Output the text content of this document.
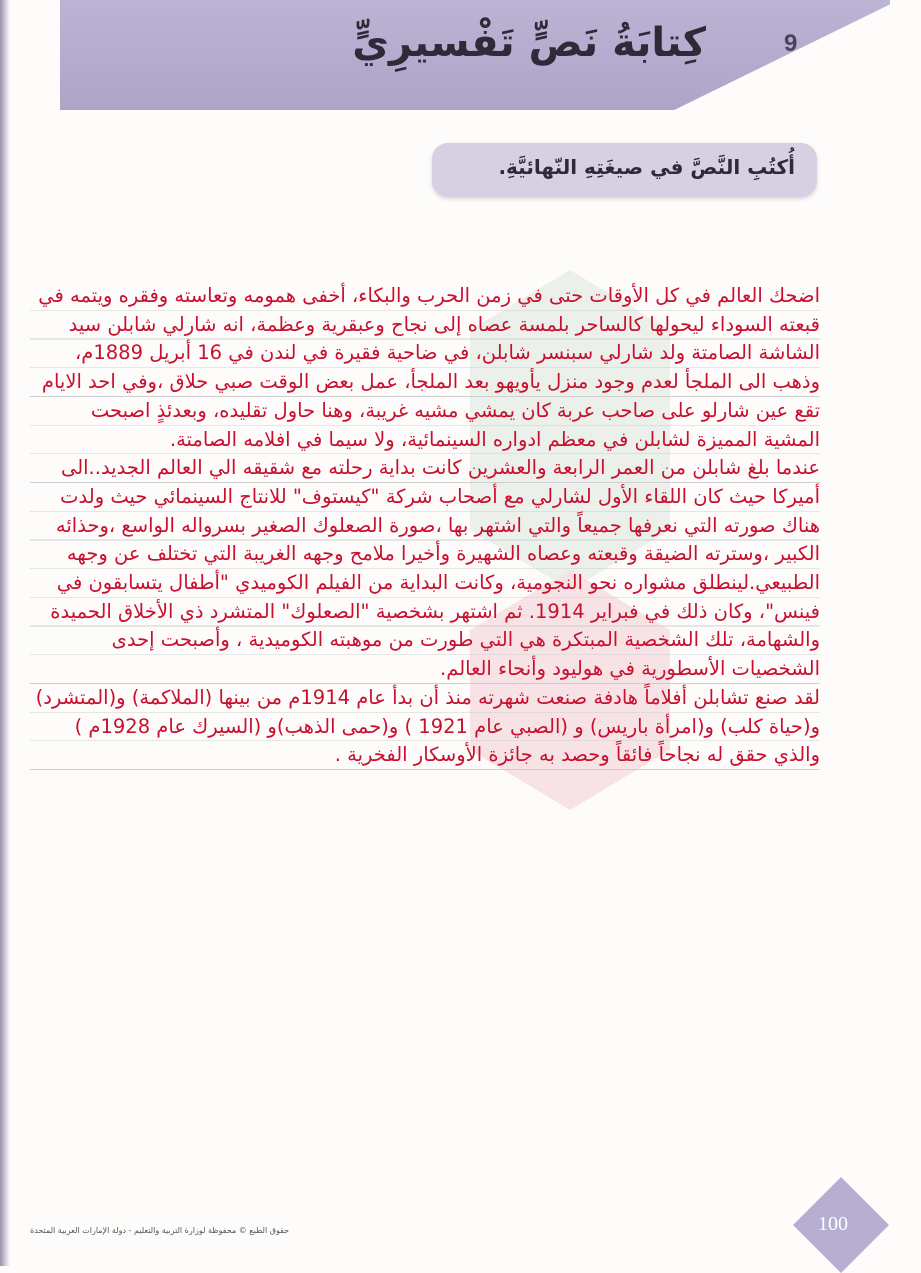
9
كِتابَةُ نَصٍّ تَفْسيرِيٍّ
أُكتُبِ النَّصَّ في صيغَتِهِ النّهائيَّةِ.

اضحك العالم في كل الأوقات حتى في زمن الحرب والبكاء، أخفى همومه وتعاسته وفقره ويتمه في قبعته السوداء ليحولها كالساحر بلمسة عصاه إلى نجاح وعبقرية وعظمة، انه شارلي شابلن سيد الشاشة الصامتة ولد شارلي سبنسر شابلن، في ضاحية فقيرة في لندن في 16 أبريل 1889م، وذهب الى الملجأ لعدم وجود منزل يأويهو بعد الملجأ، عمل بعض الوقت صبي حلاق ،وفي احد الايام تقع عين شارلو على صاحب عربة كان يمشي مشيه غريبة، وهنا حاول تقليده، وبعدئذٍ اصبحت المشية المميزة لشابلن في معظم ادواره السينمائية، ولا سيما في افلامه الصامتة.

عندما بلغ شابلن من العمر الرابعة والعشرين كانت بداية رحلته مع شقيقه الي العالم الجديد..الى أميركا حيث كان اللقاء الأول لشارلي مع أصحاب شركة "كيستوف" للانتاج السينمائي حيث ولدت هناك صورته التي نعرفها جميعاً والتي اشتهر بها ،صورة الصعلوك الصغير بسرواله الواسع ،وحذائه الكبير ،وسترته الضيقة وقبعته وعصاه الشهيرة وأخيرا ملامح وجهه الغريبة التي تختلف عن وجهه الطبيعي.لينطلق مشواره نحو النجومية، وكانت البداية من الفيلم الكوميدي "أطفال يتسابقون في فينس"، وكان ذلك في فبراير 1914. ثم اشتهر بشخصية "الصعلوك" المتشرد ذي الأخلاق الحميدة والشهامة، تلك الشخصية المبتكرة هي التي طورت من موهبته الكوميدية ، وأصبحت إحدى الشخصيات الأسطورية في هوليود وأنحاء العالم.

لقد صنع تشابلن أفلاماً هادفة صنعت شهرته منذ أن بدأ عام 1914م من بينها (الملاكمة) و(المتشرد) و(حياة كلب) و(امرأة باريس) و (الصبي عام 1921 ) و(حمى الذهب)و (السيرك عام 1928م ) والذي حقق له نجاحاً فائقاً وحصد به جائزة الأوسكار الفخرية .

حقوق الطبع © محفوظة لوزارة التربية والتعليم - دولة الإمارات العربية المتحدة	100
